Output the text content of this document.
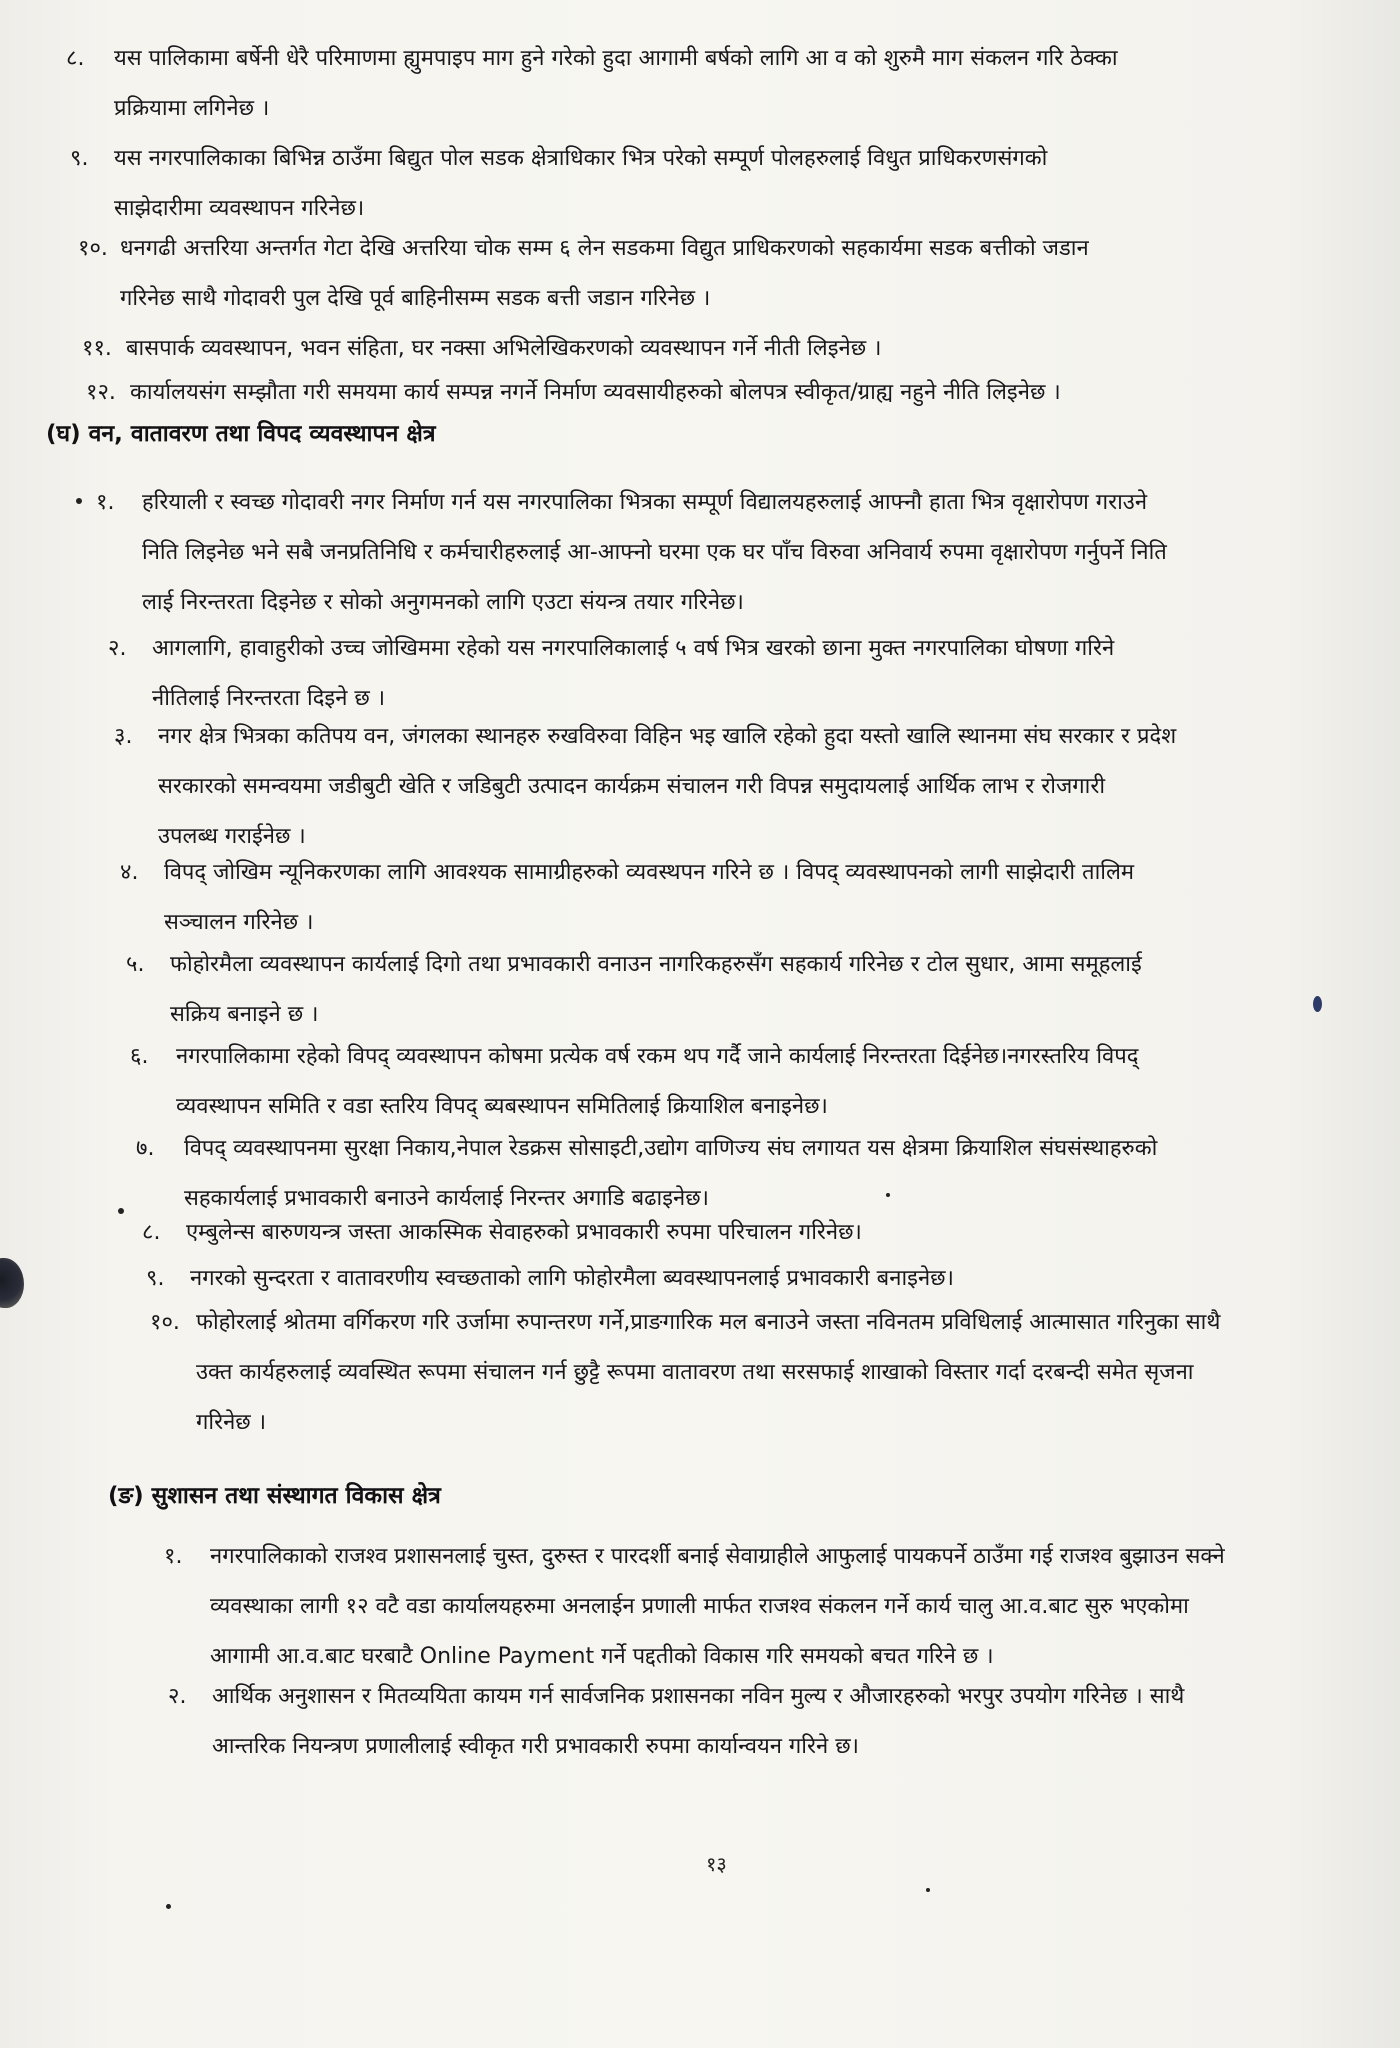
८. यस पालिकामा बर्षेनी धेरै परिमाणमा ह्युमपाइप माग हुने गरेको हुदा आगामी बर्षको लागि आ व को शुरुमै माग संकलन गरि ठेक्का
प्रक्रियामा लगिनेछ ।
९. यस नगरपालिकाका बिभिन्न ठाउँमा बिद्युत पोल सडक क्षेत्राधिकार भित्र परेको सम्पूर्ण पोलहरुलाई विधुत प्राधिकरणसंगको
साझेदारीमा व्यवस्थापन गरिनेछ।
१०. धनगढी अत्तरिया अन्तर्गत गेटा देखि अत्तरिया चोक सम्म ६ लेन सडकमा विद्युत प्राधिकरणको सहकार्यमा सडक बत्तीको जडान
गरिनेछ साथै गोदावरी पुल देखि पूर्व बाहिनीसम्म सडक बत्ती जडान गरिनेछ ।
११. बासपार्क व्यवस्थापन, भवन संहिता, घर नक्सा अभिलेखिकरणको व्यवस्थापन गर्ने नीती लिइनेछ ।
१२. कार्यालयसंग सम्झौता गरी समयमा कार्य सम्पन्न नगर्ने निर्माण व्यवसायीहरुको बोलपत्र स्वीकृत/ग्राह्य नहुने नीति लिइनेछ ।
(घ) वन, वातावरण तथा विपद व्यवस्थापन क्षेत्र
१. हरियाली र स्वच्छ गोदावरी नगर निर्माण गर्न यस नगरपालिका भित्रका सम्पूर्ण विद्यालयहरुलाई आफ्नौ हाता भित्र वृक्षारोपण गराउने
निति लिइनेछ भने सबै जनप्रतिनिधि र कर्मचारीहरुलाई आ-आफ्नो घरमा एक घर पाँच विरुवा अनिवार्य रुपमा वृक्षारोपण गर्नुपर्ने निति
लाई निरन्तरता दिइनेछ र सोको अनुगमनको लागि एउटा संयन्त्र तयार गरिनेछ।
२. आगलागि, हावाहुरीको उच्च जोखिममा रहेको यस नगरपालिकालाई ५ वर्ष भित्र खरको छाना मुक्त नगरपालिका घोषणा गरिने
नीतिलाई निरन्तरता दिइने छ ।
३. नगर क्षेत्र भित्रका कतिपय वन, जंगलका स्थानहरु रुखविरुवा विहिन भइ खालि रहेको हुदा यस्तो खालि स्थानमा संघ सरकार र प्रदेश
सरकारको समन्वयमा जडीबुटी खेति र जडिबुटी उत्पादन कार्यक्रम संचालन गरी विपन्न समुदायलाई आर्थिक लाभ र रोजगारी
उपलब्ध गराईनेछ ।
४. विपद् जोखिम न्यूनिकरणका लागि आवश्यक सामाग्रीहरुको व्यवस्थपन गरिने छ । विपद् व्यवस्थापनको लागी साझेदारी तालिम
सञ्चालन गरिनेछ ।
५. फोहोरमैला व्यवस्थापन कार्यलाई दिगो तथा प्रभावकारी वनाउन नागरिकहरुसँग सहकार्य गरिनेछ र टोल सुधार, आमा समूहलाई
सक्रिय बनाइने छ ।
६. नगरपालिकामा रहेको विपद् व्यवस्थापन कोषमा प्रत्येक वर्ष रकम थप गर्दै जाने कार्यलाई निरन्तरता दिईनेछ।नगरस्तरिय विपद्
व्यवस्थापन समिति र वडा स्तरिय विपद् ब्यबस्थापन समितिलाई क्रियाशिल बनाइनेछ।
७. विपद् व्यवस्थापनमा सुरक्षा निकाय,नेपाल रेडक्रस सोसाइटी,उद्योग वाणिज्य संघ लगायत यस क्षेत्रमा क्रियाशिल संघसंस्थाहरुको
सहकार्यलाई प्रभावकारी बनाउने कार्यलाई निरन्तर अगाडि बढाइनेछ।
८. एम्बुलेन्स बारुणयन्त्र जस्ता आकस्मिक सेवाहरुको प्रभावकारी रुपमा परिचालन गरिनेछ।
९. नगरको सुन्दरता र वातावरणीय स्वच्छताको लागि फोहोरमैला ब्यवस्थापनलाई प्रभावकारी बनाइनेछ।
१०. फोहोरलाई श्रोतमा वर्गिकरण गरि उर्जामा रुपान्तरण गर्ने,प्राङगारिक मल बनाउने जस्ता नविनतम प्रविधिलाई आत्मासात गरिनुका साथै
उक्त कार्यहरुलाई व्यवस्थित रूपमा संचालन गर्न छुट्टै रूपमा वातावरण तथा सरसफाई शाखाको विस्तार गर्दा दरबन्दी समेत सृजना
गरिनेछ ।
(ङ) सुशासन तथा संस्थागत विकास क्षेत्र
१. नगरपालिकाको राजश्व प्रशासनलाई चुस्त, दुरुस्त र पारदर्शी बनाई सेवाग्राहीले आफुलाई पायकपर्ने ठाउँमा गई राजश्व बुझाउन सक्ने
व्यवस्थाका लागी १२ वटै वडा कार्यालयहरुमा अनलाईन प्रणाली मार्फत राजश्व संकलन गर्ने कार्य चालु आ.व.बाट सुरु भएकोमा
आगामी आ.व.बाट घरबाटै Online Payment गर्ने पद्दतीको विकास गरि समयको बचत गरिने छ ।
२. आर्थिक अनुशासन र मितव्ययिता कायम गर्न सार्वजनिक प्रशासनका नविन मुल्य र औजारहरुको भरपुर उपयोग गरिनेछ । साथै
आन्तरिक नियन्त्रण प्रणालीलाई स्वीकृत गरी प्रभावकारी रुपमा कार्यान्वयन गरिने छ।
१३
